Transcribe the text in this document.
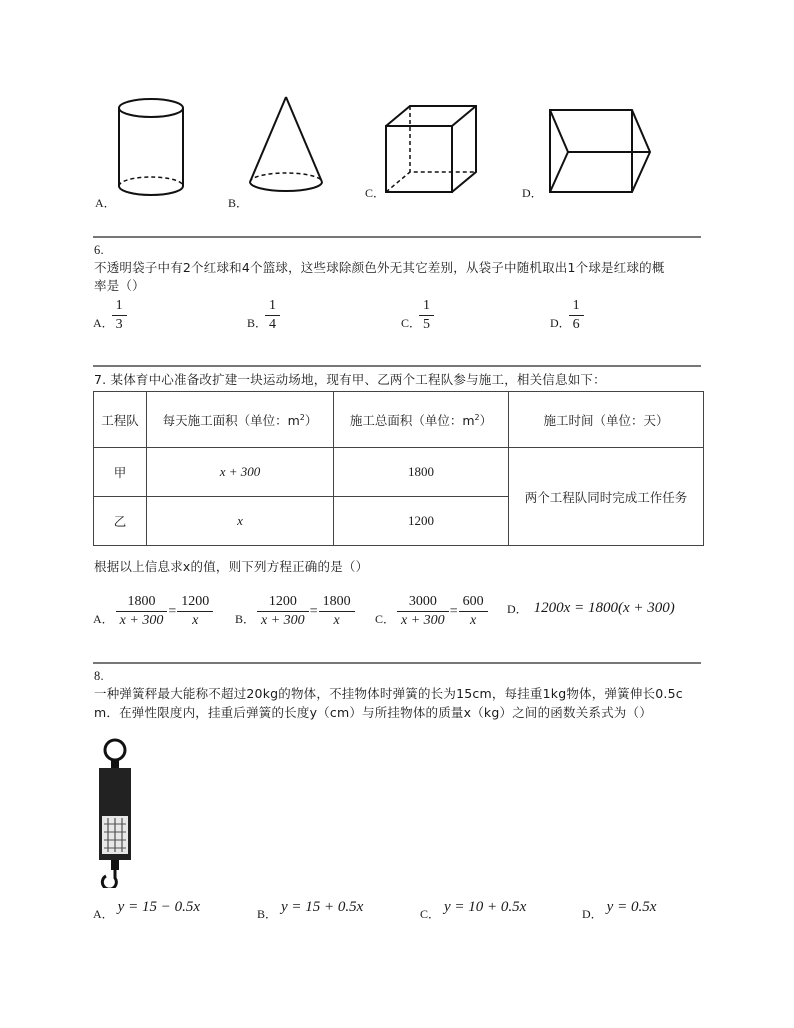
A．	B．
C．	D．
6.
不透明袋子中有2个红球和4个篮球，这些球除颜色外无其它差别，从袋子中随机取出1个球是红球的概
率是（）
A． $\frac{1}{3}$	B． $\frac{1}{4}$	C． $\frac{1}{5}$	D． $\frac{1}{6}$
7. 某体育中心准备改扩建一块运动场地，现有甲、乙两个工程队参与施工，相关信息如下：
工程队	每天施工面积（单位：$m^2$）	施工总面积（单位：$m^2$）	施工时间（单位：天）
甲	x + 300	1800	两个工程队同时完成工作任务
乙	x	1200	
根据以上信息求x的值，则下列方程正确的是（）
A． $\frac{1800}{x + 300} = \frac{1200}{x}$ B． $\frac{1200}{x + 300} = \frac{1800}{x}$ C． $\frac{3000}{x + 300} = \frac{600}{x}$ D． 1200x = 1800(x + 300)
8.
一种弹簧秤最大能称不超过20kg的物体，不挂物体时弹簧的长为15cm，每挂重1kg物体，弹簧伸长0.5c
m．在弹性限度内，挂重后弹簧的长度y（cm）与所挂物体的质量x（kg）之间的函数关系式为（）
A． y = 15 − 0.5x	B． y = 15 + 0.5x	C． y = 10 + 0.5x	D． y = 0.5x
